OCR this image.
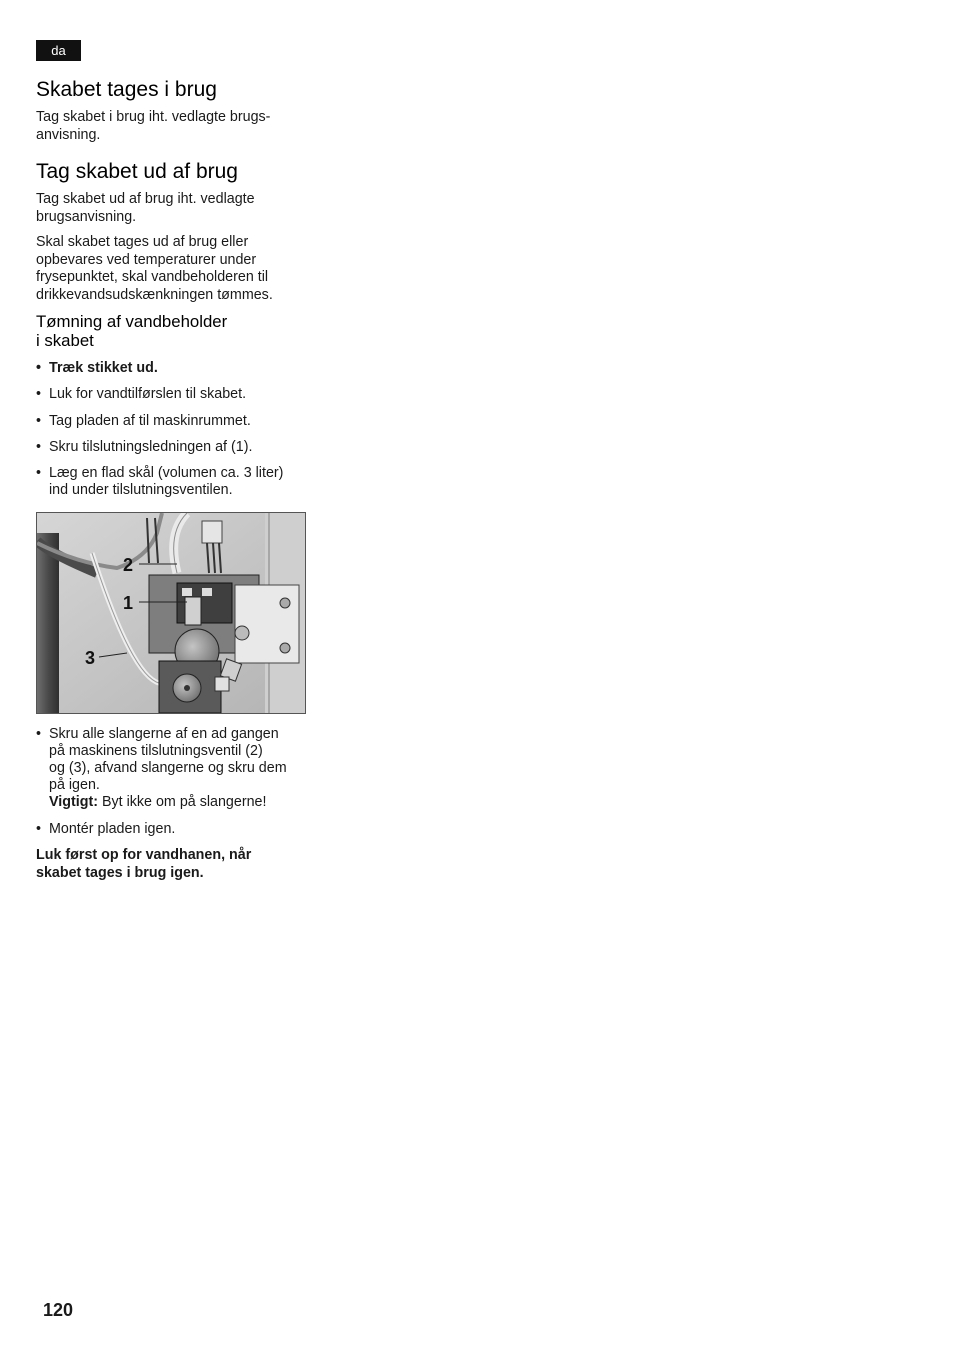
da
Skabet tages i brug

Tag skabet i brug iht. vedlagte brugs-
anvisning.

Tag skabet ud af brug

Tag skabet ud af brug iht. vedlagte
brugsanvisning.

Skal skabet tages ud af brug eller
opbevares ved temperaturer under
frysepunktet, skal vandbeholderen til
drikkevandsudskænkningen tømmes.

Tømning af vandbeholder
i skabet
• Træk stikket ud.
• Luk for vandtilførslen til skabet.
• Tag pladen af til maskinrummet.
• Skru tilslutningsledningen af (1).
• Læg en flad skål (volumen ca. 3 liter)
ind under tilslutningsventilen.
• Skru alle slangerne af en ad gangen
på maskinens tilslutningsventil (2)
og (3), afvand slangerne og skru dem
på igen.
Vigtigt: Byt ikke om på slangerne!
• Montér pladen igen.

Luk først op for vandhanen, når
skabet tages i brug igen.

2
1
3
120
